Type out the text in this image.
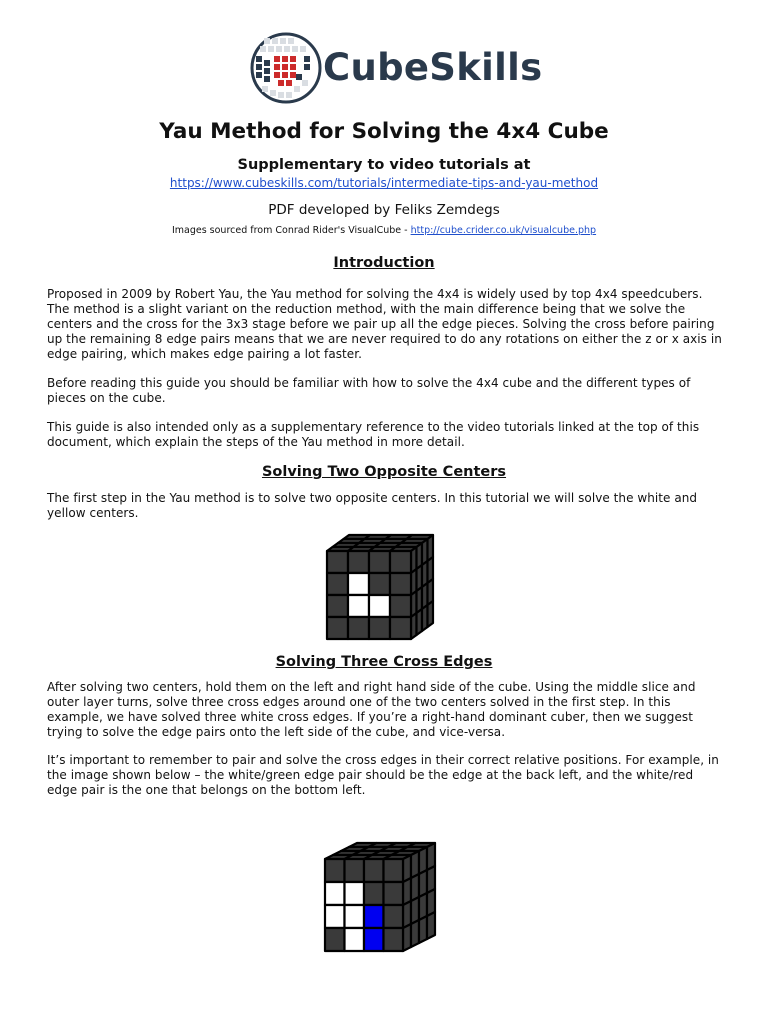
CubeSkills
Yau Method for Solving the 4x4 Cube
Supplementary to video tutorials at
https://www.cubeskills.com/tutorials/intermediate-tips-and-yau-method
PDF developed by Feliks Zemdegs
Images sourced from Conrad Rider's VisualCube - http://cube.crider.co.uk/visualcube.php
Introduction

Proposed in 2009 by Robert Yau, the Yau method for solving the 4x4 is widely used by top 4x4 speedcubers. The method is a slight variant on the reduction method, with the main difference being that we solve the centers and the cross for the 3x3 stage before we pair up all the edge pieces. Solving the cross before pairing up the remaining 8 edge pairs means that we are never required to do any rotations on either the z or x axis in edge pairing, which makes edge pairing a lot faster.

Before reading this guide you should be familiar with how to solve the 4x4 cube and the different types of pieces on the cube.

This guide is also intended only as a supplementary reference to the video tutorials linked at the top of this document, which explain the steps of the Yau method in more detail.

Solving Two Opposite Centers

The first step in the Yau method is to solve two opposite centers. In this tutorial we will solve the white and yellow centers.

Solving Three Cross Edges

After solving two centers, hold them on the left and right hand side of the cube. Using the middle slice and outer layer turns, solve three cross edges around one of the two centers solved in the first step. In this example, we have solved three white cross edges. If you’re a right-hand dominant cuber, then we suggest trying to solve the edge pairs onto the left side of the cube, and vice-versa.

It’s important to remember to pair and solve the cross edges in their correct relative positions. For example, in the image shown below – the white/green edge pair should be the edge at the back left, and the white/red edge pair is the one that belongs on the bottom left.
